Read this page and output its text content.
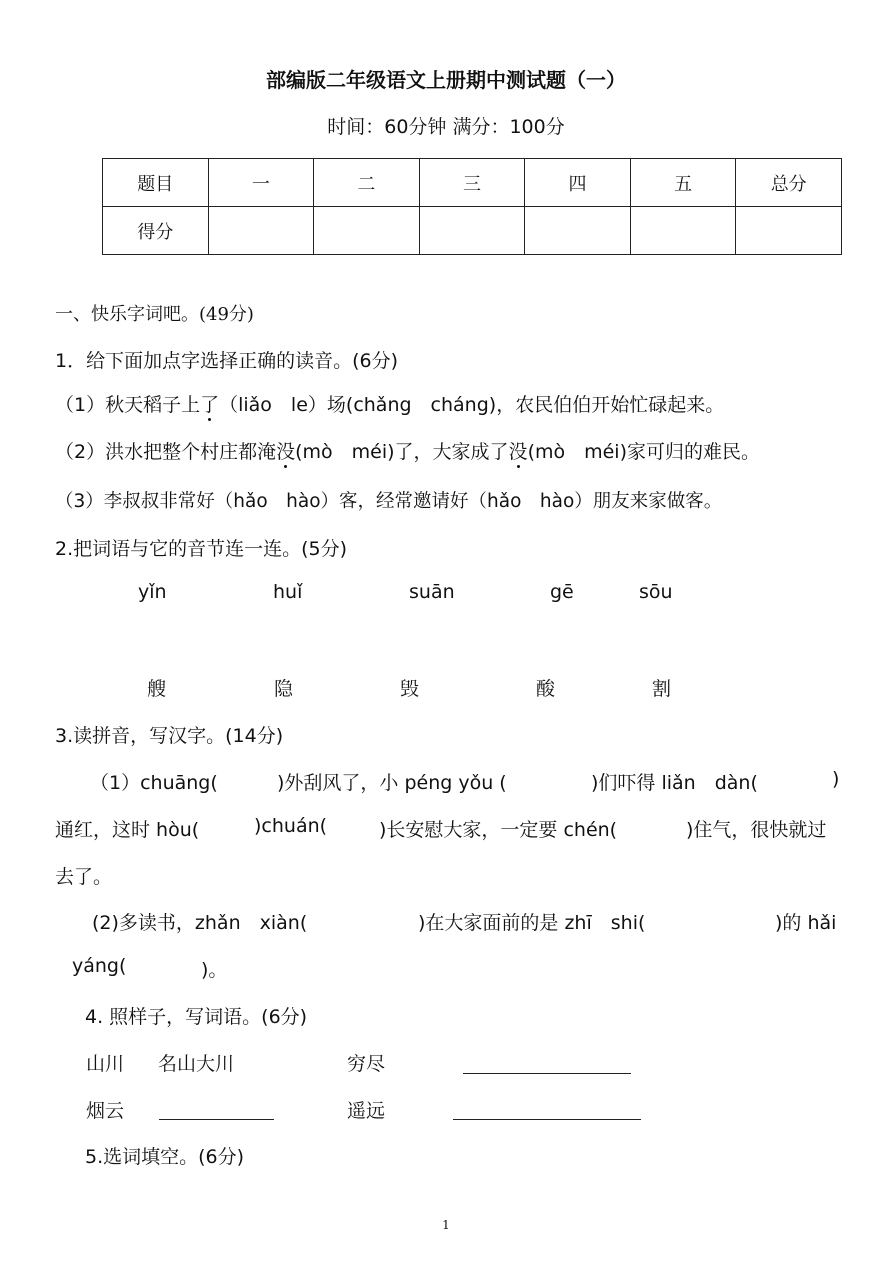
部编版二年级语文上册期中测试题（一）
时间：60分钟 满分：100分
题目	一	二	三	四	五	总分
得分						
一、快乐字词吧。(49分)
1．给下面加点字选择正确的读音。(6分)
（1）秋天稻子上了（liǎo　le）场(chǎng　cháng)，农民伯伯开始忙碌起来。
（2）洪水把整个村庄都淹没(mò　méi)了，大家成了没(mò　méi)家可归的难民。
（3）李叔叔非常好（hǎo　hào）客，经常邀请好（hǎo　hào）朋友来家做客。
2.把词语与它的音节连一连。(5分)
yǐn	huǐ	suān	gē	sōu
艘	隐	毁	酸	割
3.读拼音，写汉字。(14分)
（1）chuāng(	)外刮风了，小 péng yǒu (	)们吓得 liǎn　dàn(	)
通红，这时 hòu(	)chuán(	)长安慰大家，一定要 chén(	)住气，很快就过
去了。
(2)多读书，zhǎn　xiàn(	)在大家面前的是 zhī　shi(	)的 hǎi
yáng(	)。
4. 照样子，写词语。(6分)
山川 名山大川	穷尽
烟云	遥远
5.选词填空。(6分)
1
